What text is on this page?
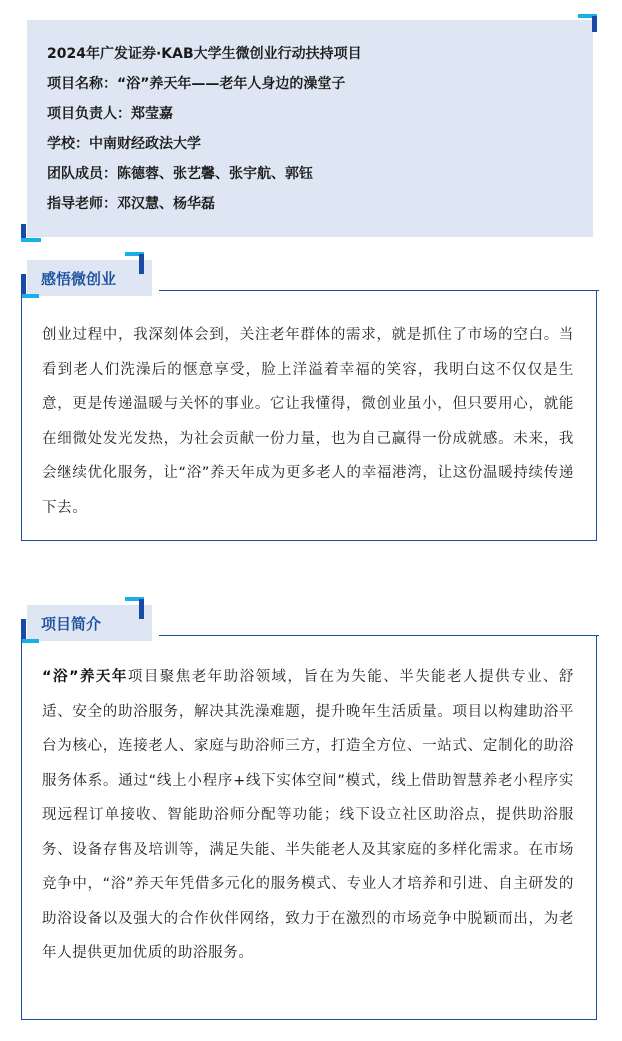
2024年广发证券·KAB大学生微创业行动扶持项目
项目名称：“浴”养天年——老年人身边的澡堂子
项目负责人：郑莹嘉
学校：中南财经政法大学
团队成员：陈德蓉、张艺馨、张宇航、郭钰
指导老师：邓汉慧、杨华磊
感悟微创业
创业过程中，我深刻体会到，关注老年群体的需求，就是抓住了市场的空白。当看到老人们洗澡后的惬意享受，脸上洋溢着幸福的笑容，我明白这不仅仅是生意，更是传递温暖与关怀的事业。它让我懂得，微创业虽小，但只要用心，就能在细微处发光发热，为社会贡献一份力量，也为自己赢得一份成就感。未来，我会继续优化服务，让“浴”养天年成为更多老人的幸福港湾，让这份温暖持续传递下去。
项目简介
“浴”养天年项目聚焦老年助浴领域，旨在为失能、半失能老人提供专业、舒适、安全的助浴服务，解决其洗澡难题，提升晚年生活质量。项目以构建助浴平台为核心，连接老人、家庭与助浴师三方，打造全方位、一站式、定制化的助浴服务体系。通过“线上小程序+线下实体空间”模式，线上借助智慧养老小程序实现远程订单接收、智能助浴师分配等功能；线下设立社区助浴点，提供助浴服务、设备存售及培训等，满足失能、半失能老人及其家庭的多样化需求。在市场竞争中，“浴”养天年凭借多元化的服务模式、专业人才培养和引进、自主研发的助浴设备以及强大的合作伙伴网络，致力于在激烈的市场竞争中脱颖而出，为老年人提供更加优质的助浴服务。
